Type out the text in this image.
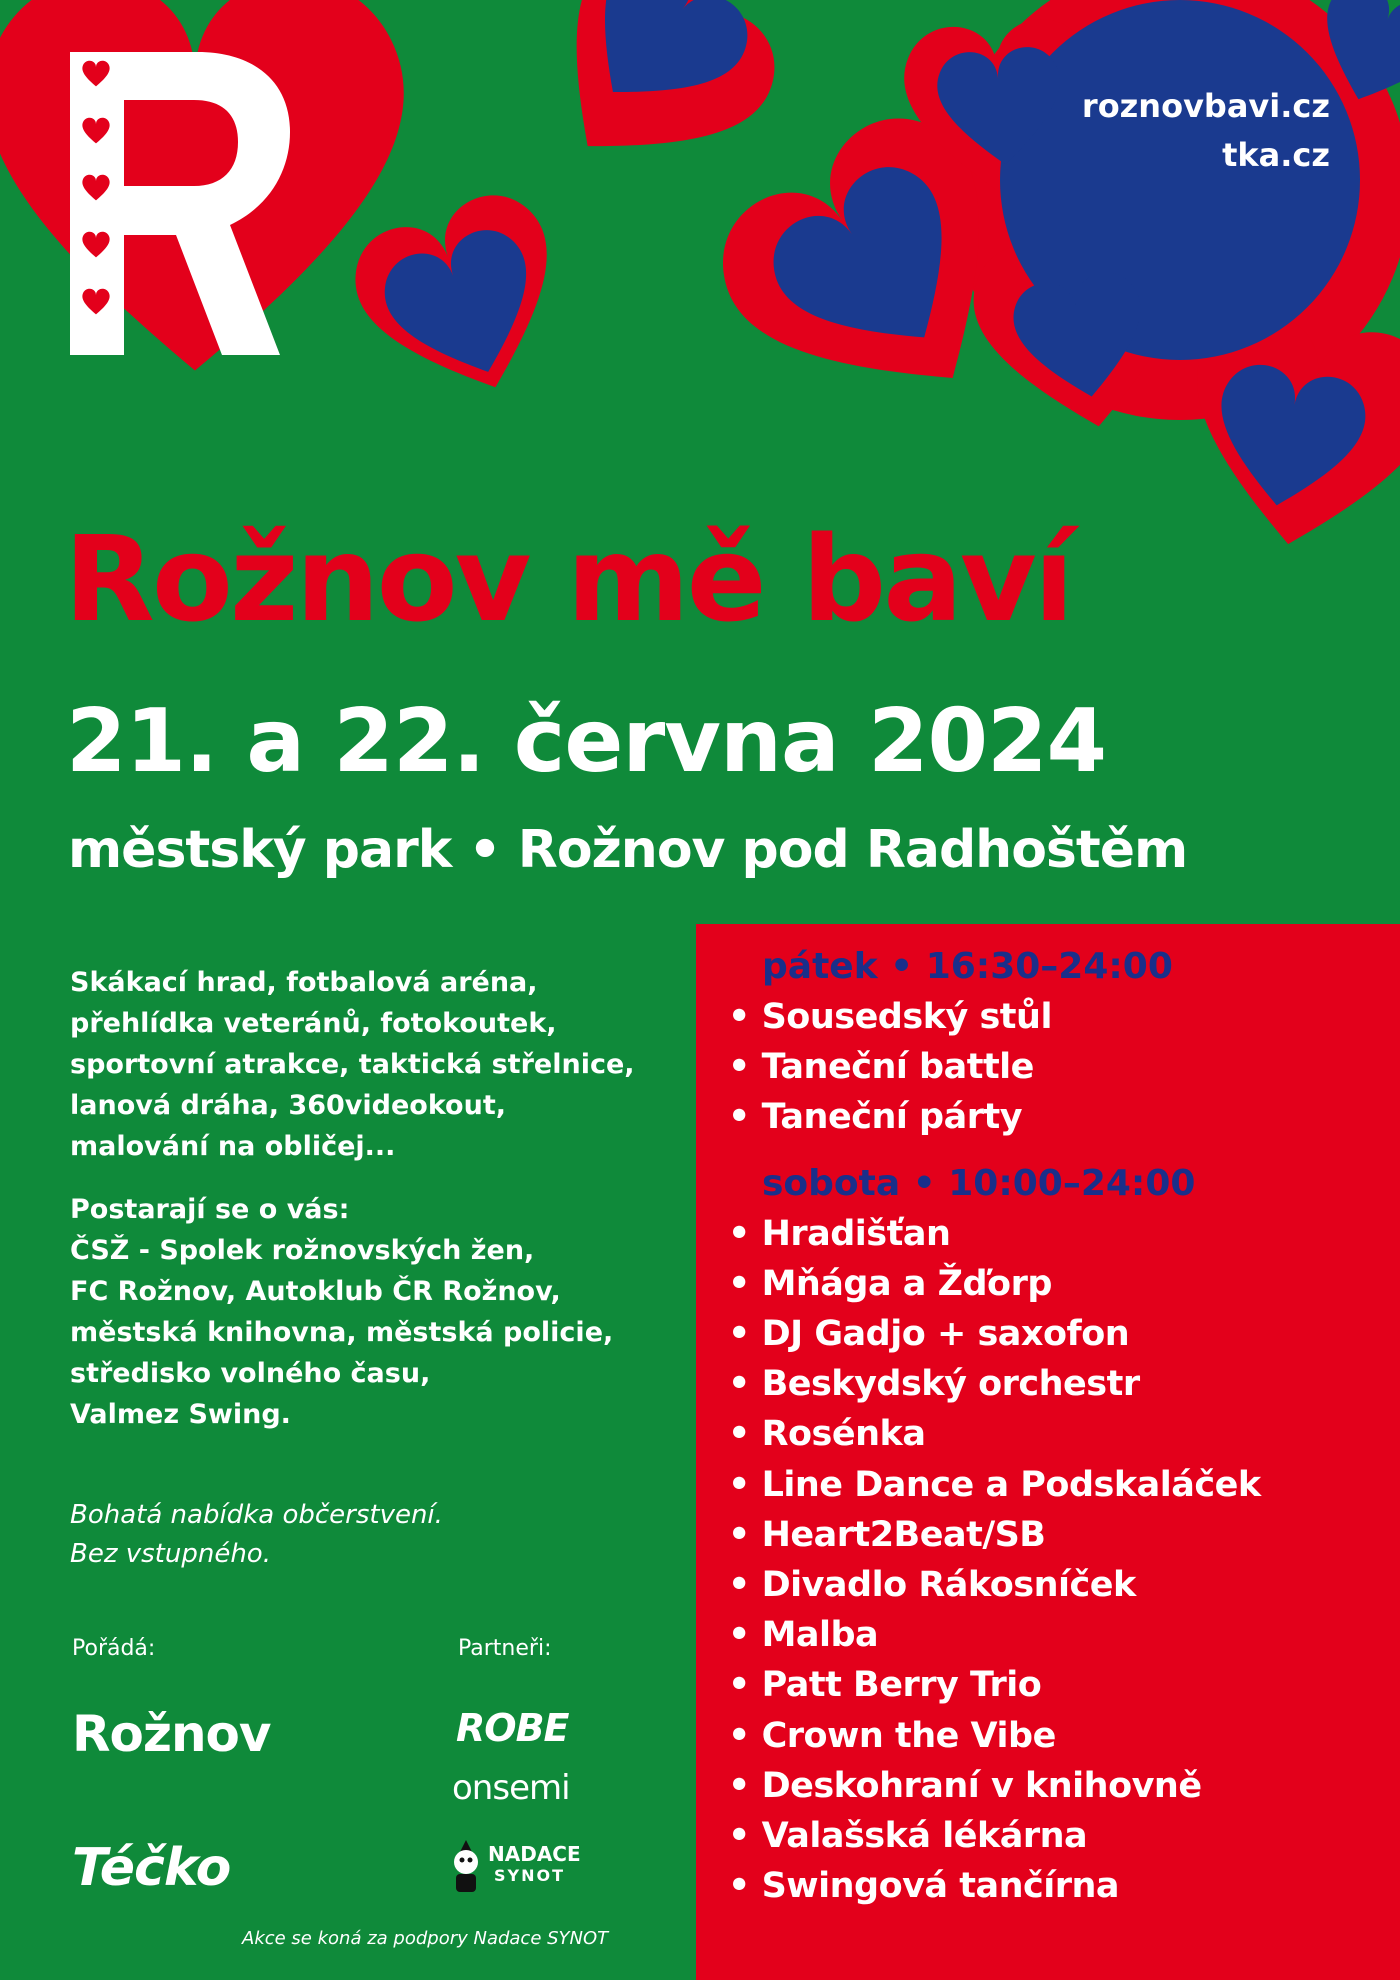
roznovbavi.cz
tka.cz
Rožnov mě baví
21. a 22. června 2024
městský park • Rožnov pod Radhoštěm

Skákací hrad, fotbalová aréna,

přehlídka veteránů, fotokoutek,

sportovní atrakce, taktická střelnice,

lanová dráha, 360videokout,

malování na obličej...

Postarají se o vás:

ČSŽ - Spolek rožnovských žen,

FC Rožnov, Autoklub ČR Rožnov,

městská knihovna, městská policie,

středisko volného času,

Valmez Swing.

Bohatá nabídka občerstvení.
Bez vstupného.

pátek • 16:30–24:00

• Sousedský stůl
• Taneční battle
• Taneční párty

sobota • 10:00–24:00

• Hradišťan
• Mňága a Žďorp
• DJ Gadjo + saxofon
• Beskydský orchestr
• Rosénka
• Line Dance a Podskaláček
• Heart2Beat/SB
• Divadlo Rákosníček
• Malba
• Patt Berry Trio
• Crown the Vibe
• Deskohraní v knihovně
• Valašská lékárna
• Swingová tančírna
Pořádá:	Partneři:
Rožnov
Téčko
ROBE
onsemi
NADACE
SYNOT
Akce se koná za podpory Nadace SYNOT
